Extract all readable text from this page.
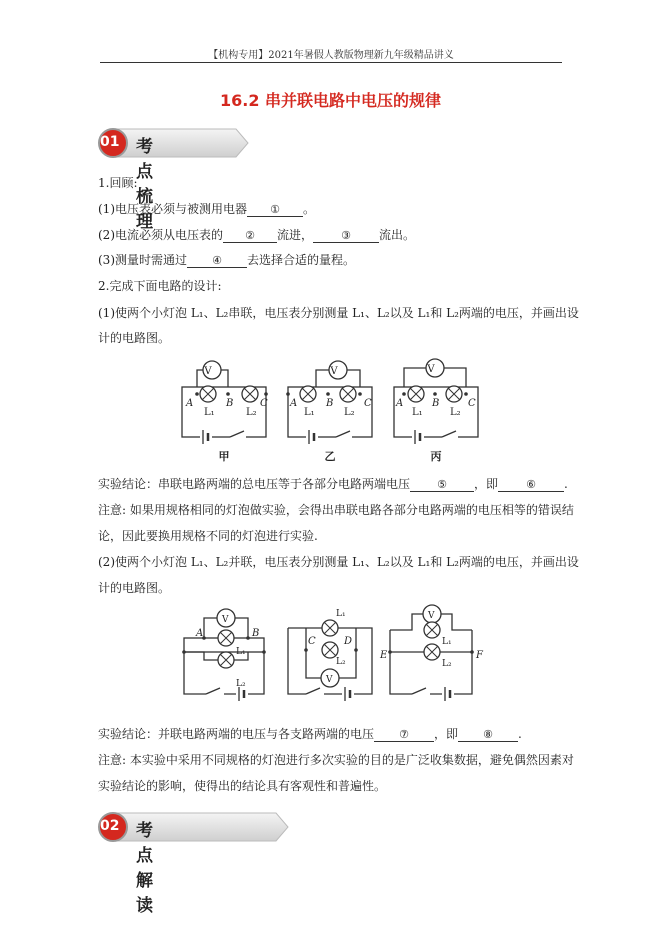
【机构专用】2021年暑假人教版物理新九年级精品讲义
16.2 串并联电路中电压的规律
01 考点梳理
1.回顾:
(1)电压表必须与被测用电器 ① 。
(2)电流必须从电压表的 ② 流进，	③ 流出。
(3)测量时需通过 ④ 去选择合适的量程。
2.完成下面电路的设计:
(1)使两个小灯泡 L₁、L₂串联，电压表分别测量 L₁、L₂以及 L₁和 L₂两端的电压，并画出设
计的电路图。
V	V	V
A	B	C A	B	C A	B	C
L₁	L₂	L₁	L₂	L₁	L₂
甲	乙	丙
实验结论：串联电路两端的总电压等于各部分电路两端电压 ⑤ ，即	⑥ .
注意: 如果用规格相同的灯泡做实验，会得出串联电路各部分电路两端的电压相等的错误结
论，因此要换用规格不同的灯泡进行实验.
(2)使两个小灯泡 L₁、L₂并联，电压表分别测量 L₁、L₂以及 L₁和 L₂两端的电压，并画出设
计的电路图。
V
V
V
A	B
C	D
E	F
L₁
L₂
L₁
L₂
L₁
L₂
实验结论：并联电路两端的电压与各支路两端的电压 ⑦ ，即 ⑧ .
注意: 本实验中采用不同规格的灯泡进行多次实验的目的是广泛收集数据，避免偶然因素对
实验结论的影响，使得出的结论具有客观性和普遍性。
02 考点解读
